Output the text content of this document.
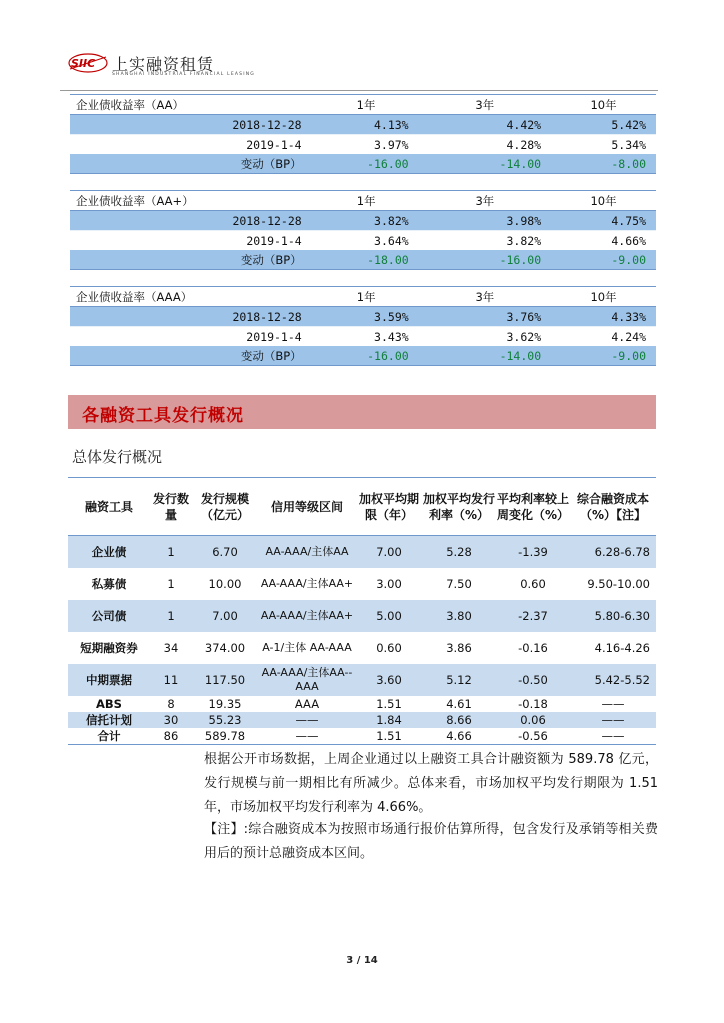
SIIC 上实融资租赁
SHANGHAI INDUSTRIAL FINANCIAL LEASING
企业债收益率（AA）	1年	3年	10年
2018-12-28	4.13%	4.42%	5.42%
2019-1-4	3.97%	4.28%	5.34%
变动（BP）	-16.00	-14.00	-8.00
企业债收益率（AA+）	1年	3年	10年
2018-12-28	3.82%	3.98%	4.75%
2019-1-4	3.64%	3.82%	4.66%
变动（BP）	-18.00	-16.00	-9.00
企业债收益率（AAA）	1年	3年	10年
2018-12-28	3.59%	3.76%	4.33%
2019-1-4	3.43%	3.62%	4.24%
变动（BP）	-16.00	-14.00	-9.00
各融资工具发行概况
总体发行概况
融资工具	发行数量	发行规模（亿元）	信用等级区间	加权平均期限（年）	加权平均发行利率（%）	平均利率较上周变化（%）	综合融资成本（%）【注】
企业债	1	6.70	AA-AAA/主体AA	7.00	5.28	-1.39	6.28-6.78
私募债	1	10.00	AA-AAA/主体AA+	3.00	7.50	0.60	9.50-10.00
公司债	1	7.00	AA-AAA/主体AA+	5.00	3.80	-2.37	5.80-6.30
短期融资券	34	374.00	A-1/主体 AA-AAA	0.60	3.86	-0.16	4.16-4.26
中期票据	11	117.50	AA-AAA/主体AA--AAA	3.60	5.12	-0.50	5.42-5.52
ABS	8	19.35	AAA	1.51	4.61	-0.18	——
信托计划	30	55.23	——	1.84	8.66	0.06	——
合计	86	589.78	——	1.51	4.66	-0.56	——
根据公开市场数据，上周企业通过以上融资工具合计融资额为 589.78 亿元，发行规模与前一期相比有所减少。总体来看，市场加权平均发行期限为 1.51 年，市场加权平均发行利率为 4.66%。
【注】:综合融资成本为按照市场通行报价估算所得，包含发行及承销等相关费用后的预计总融资成本区间。
3 / 14
